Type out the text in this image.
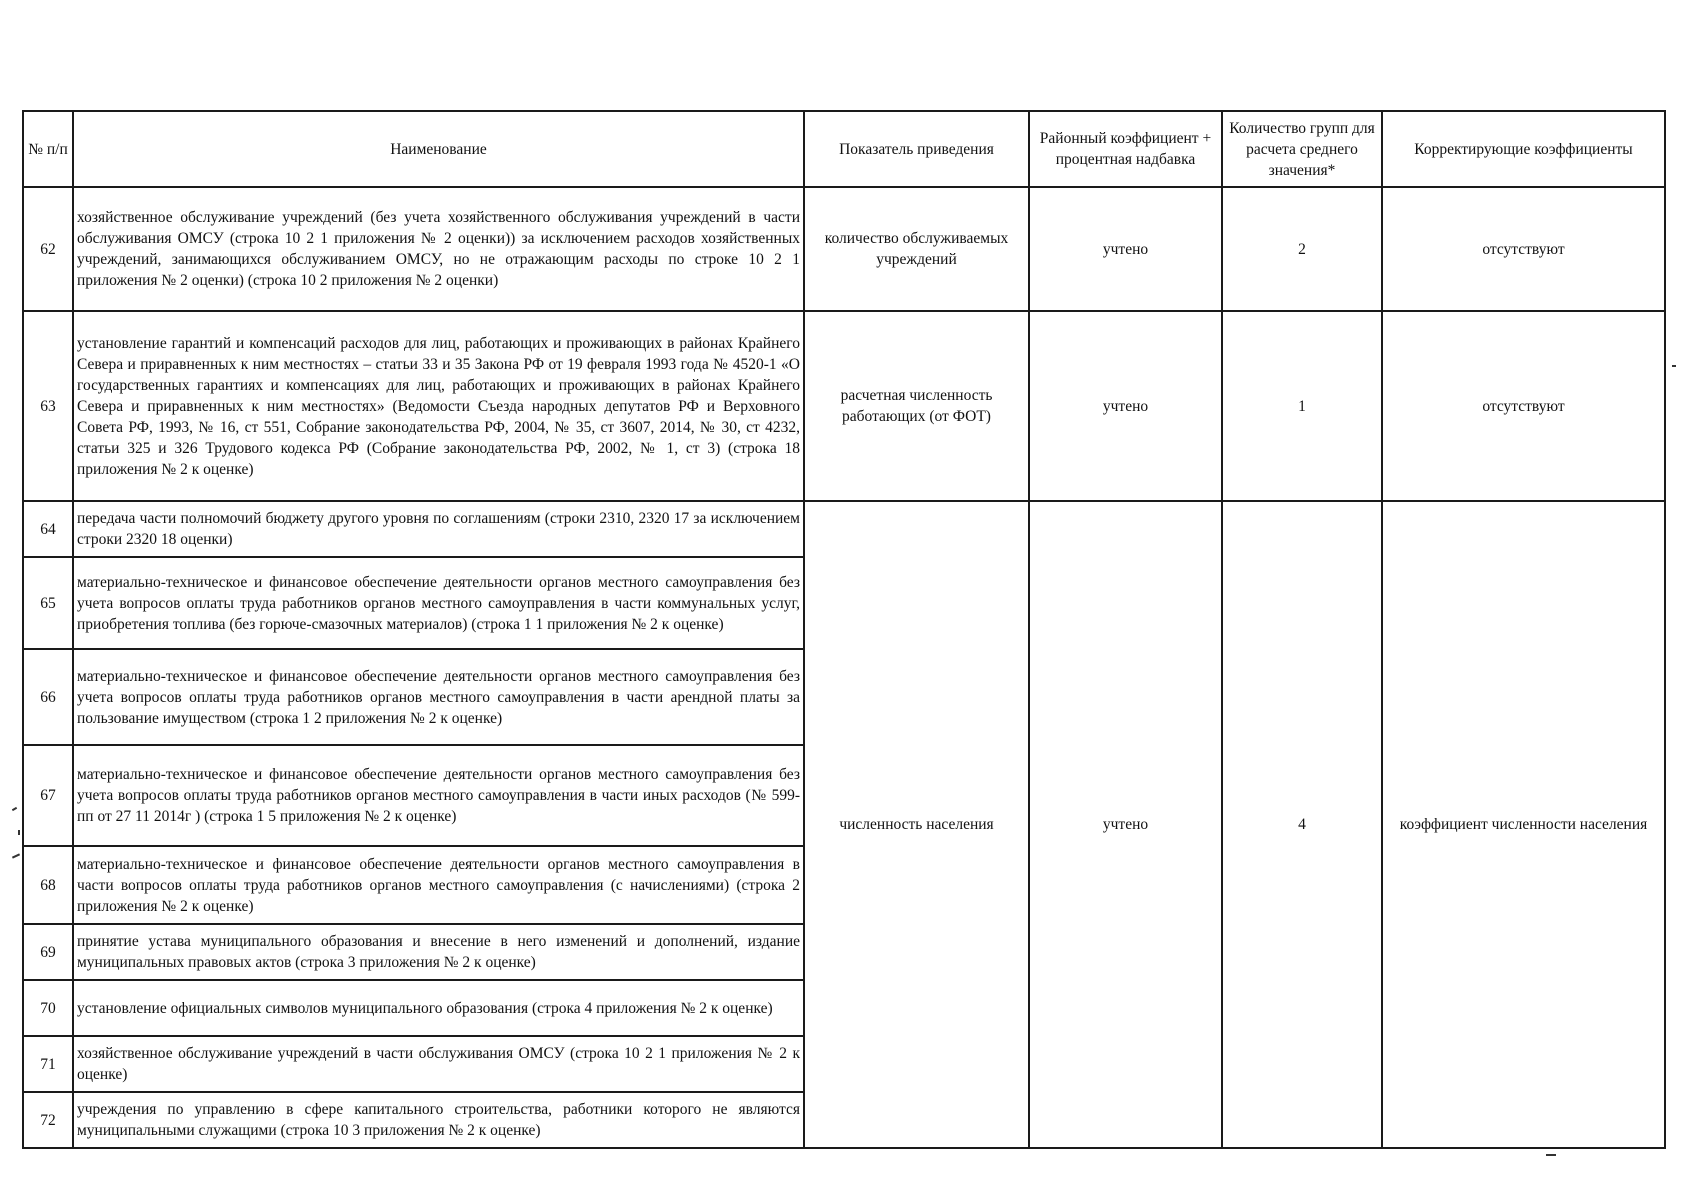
№ п/п	Наименование	Показатель приведения	Районный коэффициент + процентная надбавка	Количество групп для расчета среднего значения*	Корректирующие коэффициенты
62	хозяйственное обслуживание учреждений (без учета хозяйственного обслуживания учреждений в части обслуживания ОМСУ (строка 10 2 1 приложения № 2 оценки)) за исключением расходов хозяйственных учреждений, занимающихся обслуживанием ОМСУ, но не отражающим расходы по строке 10 2 1 приложения № 2 оценки) (строка 10 2 приложения № 2 оценки)	количество обслуживаемых учреждений	учтено	2	отсутствуют
63	установление гарантий и компенсаций расходов для лиц, работающих и проживающих в районах Крайнего Севера и приравненных к ним местностях – статьи 33 и 35 Закона РФ от 19 февраля 1993 года № 4520-1 «О государственных гарантиях и компенсациях для лиц, работающих и проживающих в районах Крайнего Севера и приравненных к ним местностях» (Ведомости Съезда народных депутатов РФ и Верховного Совета РФ, 1993, № 16, ст 551, Собрание законодательства РФ, 2004, № 35, ст 3607, 2014, № 30, ст 4232, статьи 325 и 326 Трудового кодекса РФ (Собрание законодательства РФ, 2002, № 1, ст 3) (строка 18 приложения № 2 к оценке)	расчетная численность работающих (от ФОТ)	учтено	1	отсутствуют
64	передача части полномочий бюджету другого уровня по соглашениям (строки 2310, 2320 17 за исключением строки 2320 18 оценки)	численность населения	учтено	4	коэффициент численности населения
65	материально-техническое и финансовое обеспечение деятельности органов местного самоуправления без учета вопросов оплаты труда работников органов местного самоуправления в части коммунальных услуг, приобретения топлива (без горюче-смазочных материалов) (строка 1 1 приложения № 2 к оценке)				
66	материально-техническое и финансовое обеспечение деятельности органов местного самоуправления без учета вопросов оплаты труда работников органов местного самоуправления в части арендной платы за пользование имуществом (строка 1 2 приложения № 2 к оценке)				
67	материально-техническое и финансовое обеспечение деятельности органов местного самоуправления без учета вопросов оплаты труда работников органов местного самоуправления в части иных расходов (№ 599-пп от 27 11 2014г ) (строка 1 5 приложения № 2 к оценке)				
68	материально-техническое и финансовое обеспечение деятельности органов местного самоуправления в части вопросов оплаты труда работников органов местного самоуправления (с начислениями) (строка 2 приложения № 2 к оценке)				
69	принятие устава муниципального образования и внесение в него изменений и дополнений, издание муниципальных правовых актов (строка 3 приложения № 2 к оценке)				
70	установление официальных символов муниципального образования (строка 4 приложения № 2 к оценке)				
71	хозяйственное обслуживание учреждений в части обслуживания ОМСУ (строка 10 2 1 приложения № 2 к оценке)				
72	учреждения по управлению в сфере капитального строительства, работники которого не являются муниципальными служащими (строка 10 3 приложения № 2 к оценке)				
